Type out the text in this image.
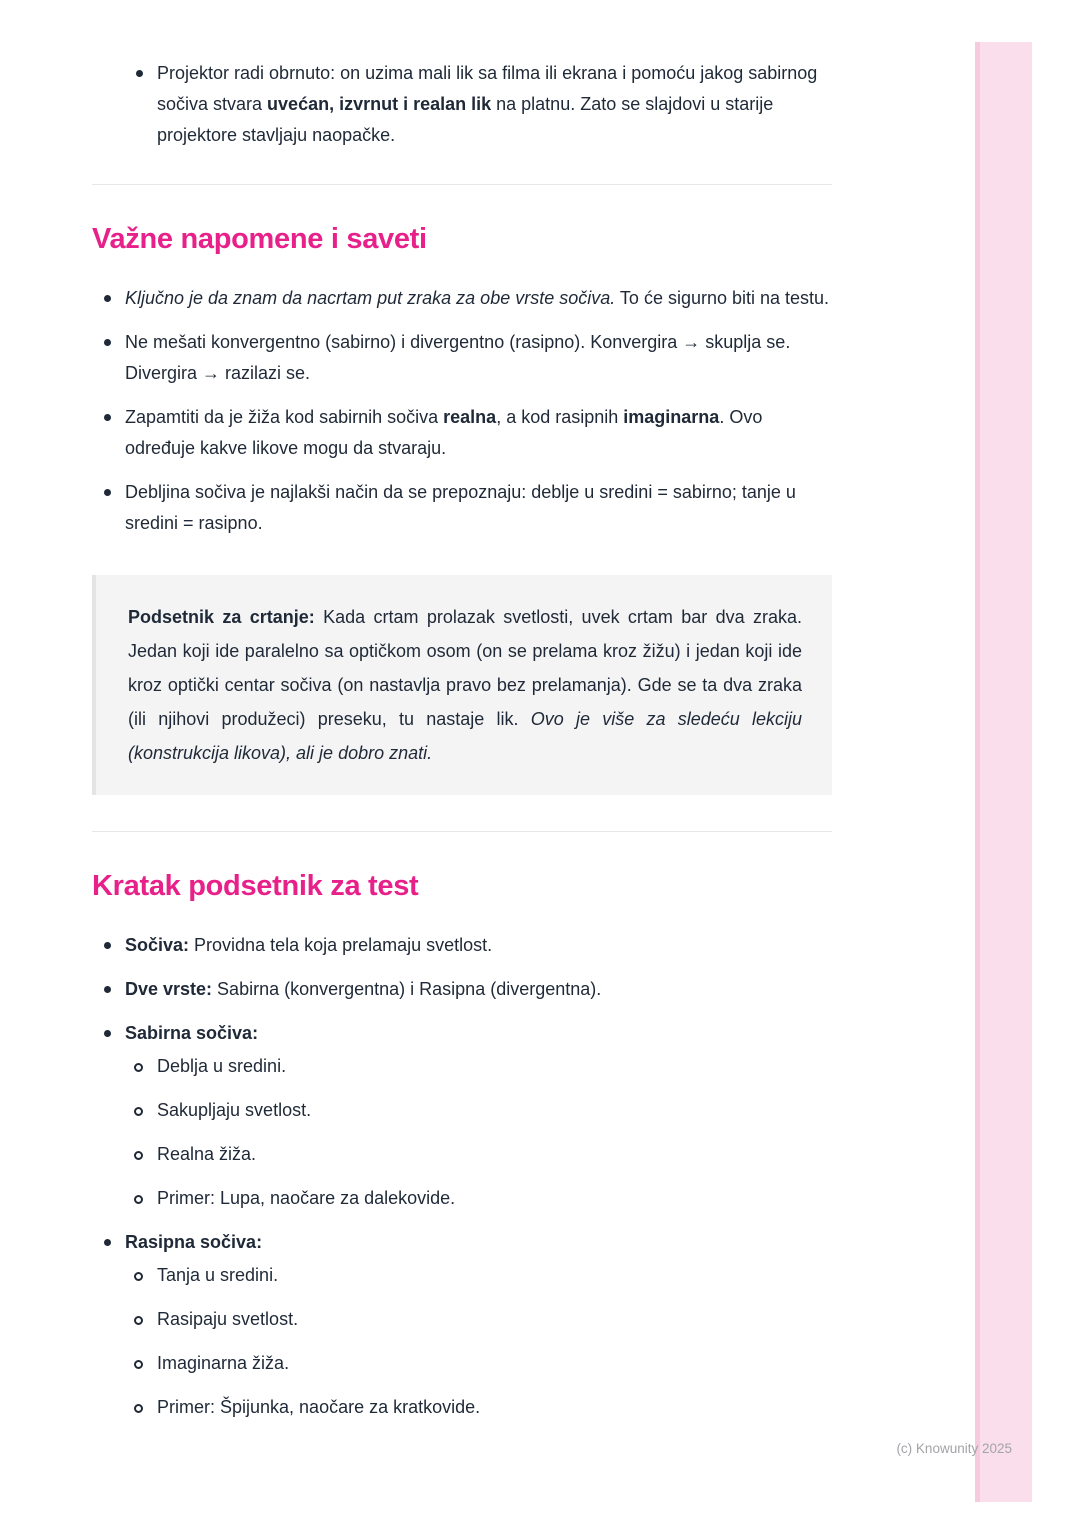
Projektor radi obrnuto: on uzima mali lik sa filma ili ekrana i pomoću jakog sabirnog sočiva stvara uvećan, izvrnut i realan lik na platnu. Zato se slajdovi u starije projektore stavljaju naopačke.
Važne napomene i saveti
Ključno je da znam da nacrtam put zraka za obe vrste sočiva. To će sigurno biti na testu.
Ne mešati konvergentno (sabirno) i divergentno (rasipno). Konvergira → skuplja se. Divergira → razilazi se.
Zapamtiti da je žiža kod sabirnih sočiva realna, a kod rasipnih imaginarna. Ovo određuje kakve likove mogu da stvaraju.
Debljina sočiva je najlakši način da se prepoznaju: deblje u sredini = sabirno; tanje u sredini = rasipno.

Podsetnik za crtanje: Kada crtam prolazak svetlosti, uvek crtam bar dva zraka. Jedan koji ide paralelno sa optičkom osom (on se prelama kroz žižu) i jedan koji ide kroz optički centar sočiva (on nastavlja pravo bez prelamanja). Gde se ta dva zraka (ili njihovi produžeci) preseku, tu nastaje lik. Ovo je više za sledeću lekciju (konstrukcija likova), ali je dobro znati.

Kratak podsetnik za test
Sočiva: Providna tela koja prelamaju svetlost.
Dve vrste: Sabirna (konvergentna) i Rasipna (divergentna).
Sabirna sočiva:
Deblja u sredini.
Sakupljaju svetlost.
Realna žiža.
Primer: Lupa, naočare za dalekovide.
Rasipna sočiva:
Tanja u sredini.
Rasipaju svetlost.
Imaginarna žiža.
Primer: Špijunka, naočare za kratkovide.
(c) Knowunity 2025
